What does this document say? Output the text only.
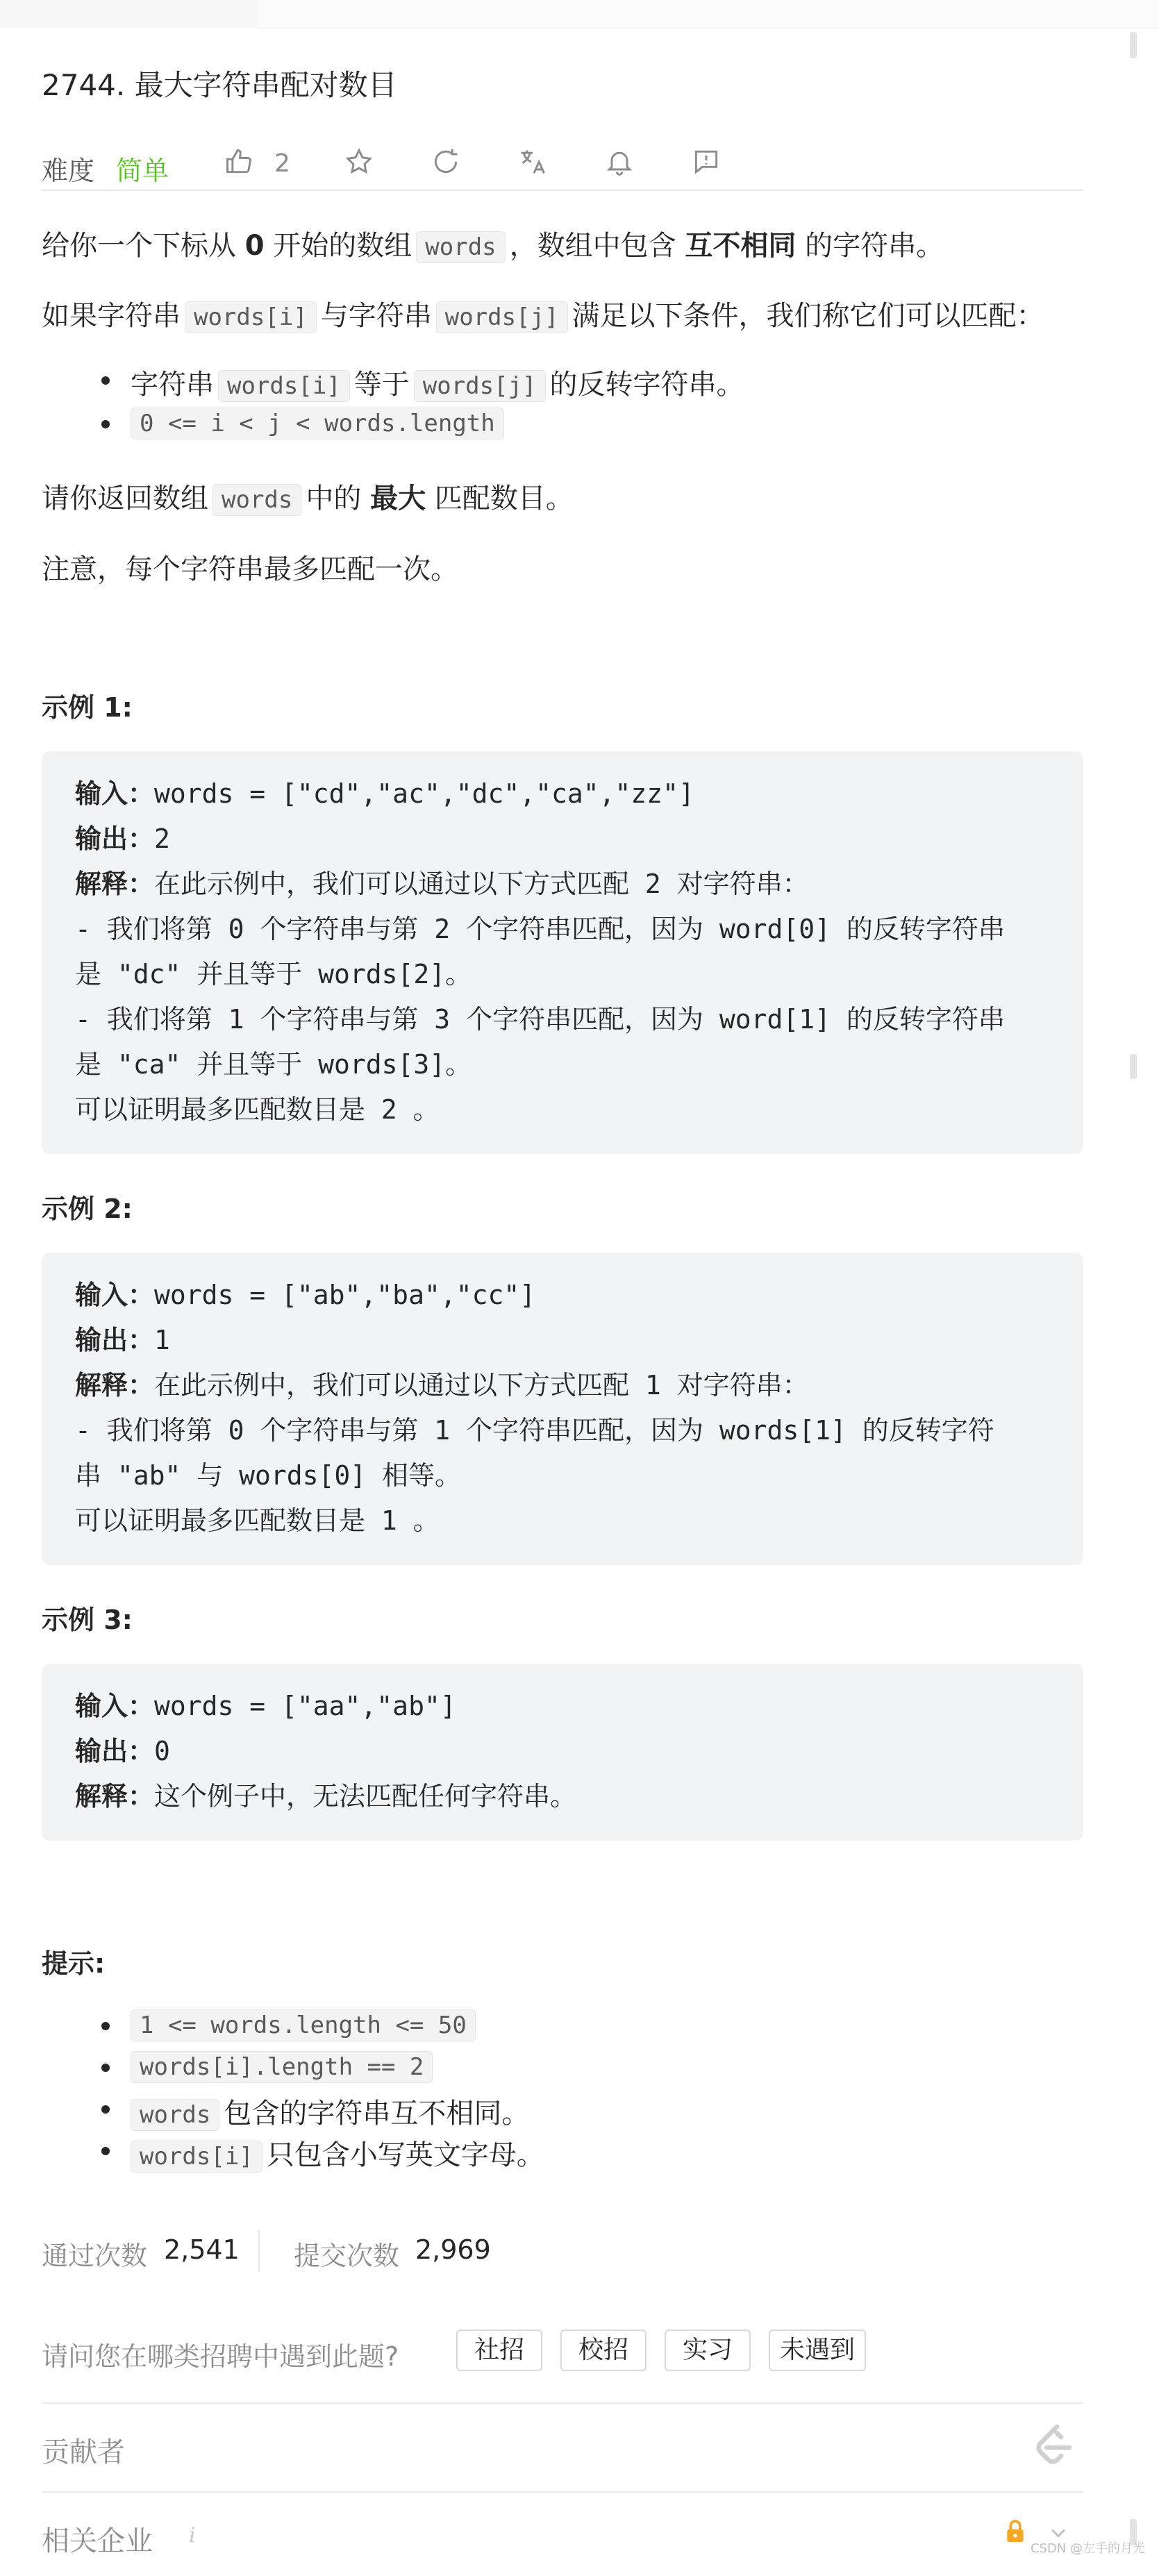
2744. 最大字符串配对数目
难度 简单	2
给你一个下标从 0 开始的数组 words ，数组中包含 互不相同 的字符串。
如果字符串 words[i] 与字符串 words[j] 满足以下条件，我们称它们可以匹配：
字符串 words[i] 等于 words[j] 的反转字符串。
0 <= i < j < words.length
请你返回数组 words 中的 最大 匹配数目。
注意，每个字符串最多匹配一次。
示例 1:
输入：words = ["cd","ac","dc","ca","zz"]
输出：2
解释：在此示例中，我们可以通过以下方式匹配 2 对字符串：
- 我们将第 0 个字符串与第 2 个字符串匹配，因为 word[0] 的反转字符串
是 "dc" 并且等于 words[2]。
- 我们将第 1 个字符串与第 3 个字符串匹配，因为 word[1] 的反转字符串
是 "ca" 并且等于 words[3]。
可以证明最多匹配数目是 2 。
示例 2:
输入：words = ["ab","ba","cc"]
输出：1
解释：在此示例中，我们可以通过以下方式匹配 1 对字符串：
- 我们将第 0 个字符串与第 1 个字符串匹配，因为 words[1] 的反转字符
串 "ab" 与 words[0] 相等。
可以证明最多匹配数目是 1 。
示例 3:
输入：words = ["aa","ab"]
输出：0
解释：这个例子中，无法匹配任何字符串。
提示:
1 <= words.length <= 50
words[i].length == 2
words 包含的字符串互不相同。
words[i] 只包含小写英文字母。
通过次数 2,541 提交次数 2,969
请问您在哪类招聘中遇到此题?	社招	校招	实习	未遇到
贡献者
相关企业 i
CSDN @左手的月光
